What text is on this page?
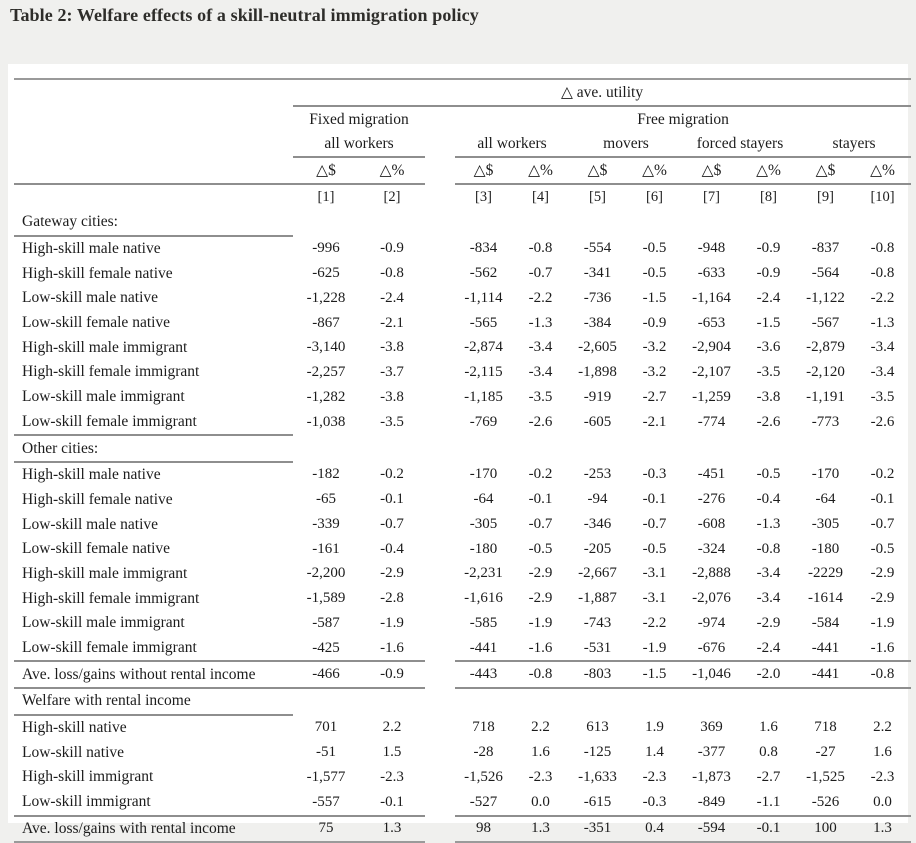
Table 2: Welfare effects of a skill-neutral immigration policy
	△ ave. utility										
	Fixed migration			Free migration							
	all workers			all workers		movers		forced stayers		stayers	
	△$	△%		△$	△%	△$	△%	△$	△%	△$	△%
	[1]	[2]		[3]	[4]	[5]	[6]	[7]	[8]	[9]	[10]
Gateway cities:											
High-skill male native	-996	-0.9		-834	-0.8	-554	-0.5	-948	-0.9	-837	-0.8
High-skill female native	-625	-0.8		-562	-0.7	-341	-0.5	-633	-0.9	-564	-0.8
Low-skill male native	-1,228	-2.4		-1,114	-2.2	-736	-1.5	-1,164	-2.4	-1,122	-2.2
Low-skill female native	-867	-2.1		-565	-1.3	-384	-0.9	-653	-1.5	-567	-1.3
High-skill male immigrant	-3,140	-3.8		-2,874	-3.4	-2,605	-3.2	-2,904	-3.6	-2,879	-3.4
High-skill female immigrant	-2,257	-3.7		-2,115	-3.4	-1,898	-3.2	-2,107	-3.5	-2,120	-3.4
Low-skill male immigrant	-1,282	-3.8		-1,185	-3.5	-919	-2.7	-1,259	-3.8	-1,191	-3.5
Low-skill female immigrant	-1,038	-3.5		-769	-2.6	-605	-2.1	-774	-2.6	-773	-2.6
Other cities:											
High-skill male native	-182	-0.2		-170	-0.2	-253	-0.3	-451	-0.5	-170	-0.2
High-skill female native	-65	-0.1		-64	-0.1	-94	-0.1	-276	-0.4	-64	-0.1
Low-skill male native	-339	-0.7		-305	-0.7	-346	-0.7	-608	-1.3	-305	-0.7
Low-skill female native	-161	-0.4		-180	-0.5	-205	-0.5	-324	-0.8	-180	-0.5
High-skill male immigrant	-2,200	-2.9		-2,231	-2.9	-2,667	-3.1	-2,888	-3.4	-2229	-2.9
High-skill female immigrant	-1,589	-2.8		-1,616	-2.9	-1,887	-3.1	-2,076	-3.4	-1614	-2.9
Low-skill male immigrant	-587	-1.9		-585	-1.9	-743	-2.2	-974	-2.9	-584	-1.9
Low-skill female immigrant	-425	-1.6		-441	-1.6	-531	-1.9	-676	-2.4	-441	-1.6
Ave. loss/gains without rental income	-466	-0.9		-443	-0.8	-803	-1.5	-1,046	-2.0	-441	-0.8
Welfare with rental income											
High-skill native	701	2.2		718	2.2	613	1.9	369	1.6	718	2.2
Low-skill native	-51	1.5		-28	1.6	-125	1.4	-377	0.8	-27	1.6
High-skill immigrant	-1,577	-2.3		-1,526	-2.3	-1,633	-2.3	-1,873	-2.7	-1,525	-2.3
Low-skill immigrant	-557	-0.1		-527	0.0	-615	-0.3	-849	-1.1	-526	0.0
Ave. loss/gains with rental income	75	1.3		98	1.3	-351	0.4	-594	-0.1	100	1.3
